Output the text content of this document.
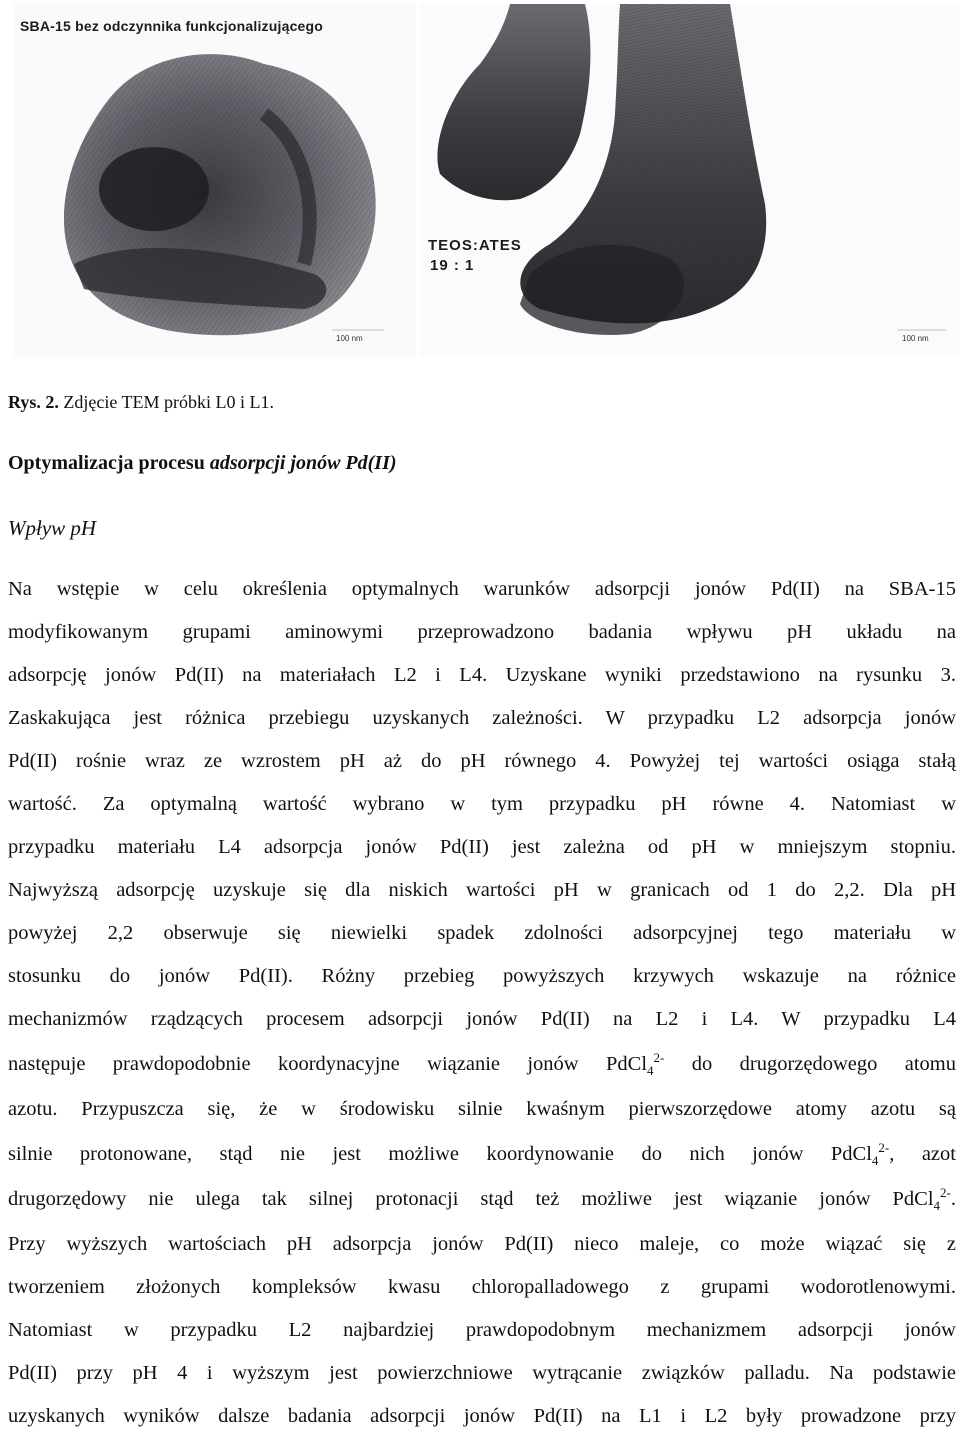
SBA-15 bez odczynnika funkcjonalizującego
100 nm
TEOS:ATES
19 : 1
100 nm
Rys. 2. Zdjęcie TEM próbki L0 i L1.
Optymalizacja procesu adsorpcji jonów Pd(II)
Wpływ pH
Na wstępie w celu określenia optymalnych warunków adsorpcji jonów Pd(II) na SBA-15
modyfikowanym grupami aminowymi przeprowadzono badania wpływu pH układu na
adsorpcję jonów Pd(II) na materiałach L2 i L4. Uzyskane wyniki przedstawiono na rysunku 3.
Zaskakująca jest różnica przebiegu uzyskanych zależności. W przypadku L2 adsorpcja jonów
Pd(II) rośnie wraz ze wzrostem pH aż do pH równego 4. Powyżej tej wartości osiąga stałą
wartość. Za optymalną wartość wybrano w tym przypadku pH równe 4. Natomiast w
przypadku materiału L4 adsorpcja jonów Pd(II) jest zależna od pH w mniejszym stopniu.
Najwyższą adsorpcję uzyskuje się dla niskich wartości pH w granicach od 1 do 2,2. Dla pH
powyżej 2,2 obserwuje się niewielki spadek zdolności adsorpcyjnej tego materiału w
stosunku do jonów Pd(II). Różny przebieg powyższych krzywych wskazuje na różnice
mechanizmów rządzących procesem adsorpcji jonów Pd(II) na L2 i L4. W przypadku L4
następuje prawdopodobnie koordynacyjne wiązanie jonów PdCl$_4^{2-}$ do drugorzędowego atomu
azotu. Przypuszcza się, że w środowisku silnie kwaśnym pierwszorzędowe atomy azotu są
silnie protonowane, stąd nie jest możliwe koordynowanie do nich jonów PdCl$_4^{2-}$, azot
drugorzędowy nie ulega tak silnej protonacji stąd też możliwe jest wiązanie jonów PdCl$_4^{2-}$.
Przy wyższych wartościach pH adsorpcja jonów Pd(II) nieco maleje, co może wiązać się z
tworzeniem złożonych kompleksów kwasu chloropalladowego z grupami wodorotlenowymi.
Natomiast w przypadku L2 najbardziej prawdopodobnym mechanizmem adsorpcji jonów
Pd(II) przy pH 4 i wyższym jest powierzchniowe wytrącanie związków palladu. Na podstawie
uzyskanych wyników dalsze badania adsorpcji jonów Pd(II) na L1 i L2 były prowadzone przy
